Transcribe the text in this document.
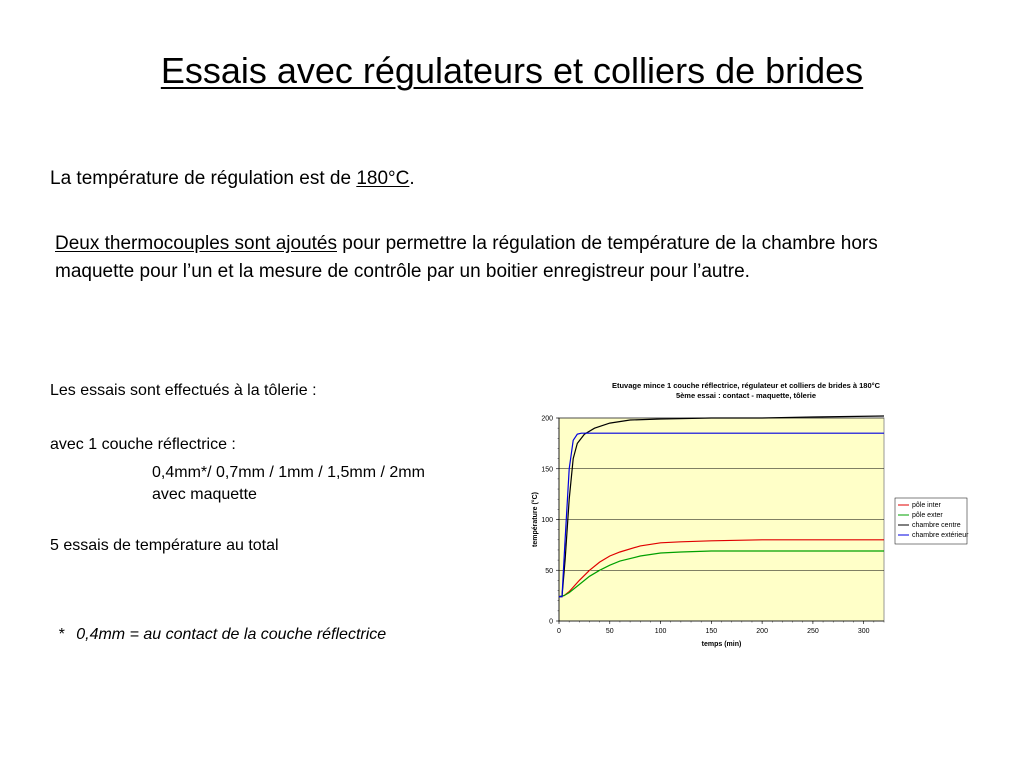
Essais avec régulateurs et colliers de brides
La température de régulation est de 180°C.
Deux thermocouples sont ajoutés pour permettre la régulation de température de la chambre hors maquette pour l’un et la mesure de contrôle par un boitier enregistreur pour l’autre.
Les essais sont effectués à la tôlerie :
avec 1 couche réflectrice :
0,4mm*/ 0,7mm / 1mm / 1,5mm / 2mm
avec maquette
5 essais de température au total
* 0,4mm = au contact de la couche réflectrice
Etuvage mince 1 couche réflectrice, régulateur et colliers de brides à 180°C
5ème essai : contact - maquette, tôlerie
0
50
100
150
200
0	50	100	150	200	250	300
temps (min)
température (°C)	pôle inter
pôle exter
chambre centre
chambre extérieur
